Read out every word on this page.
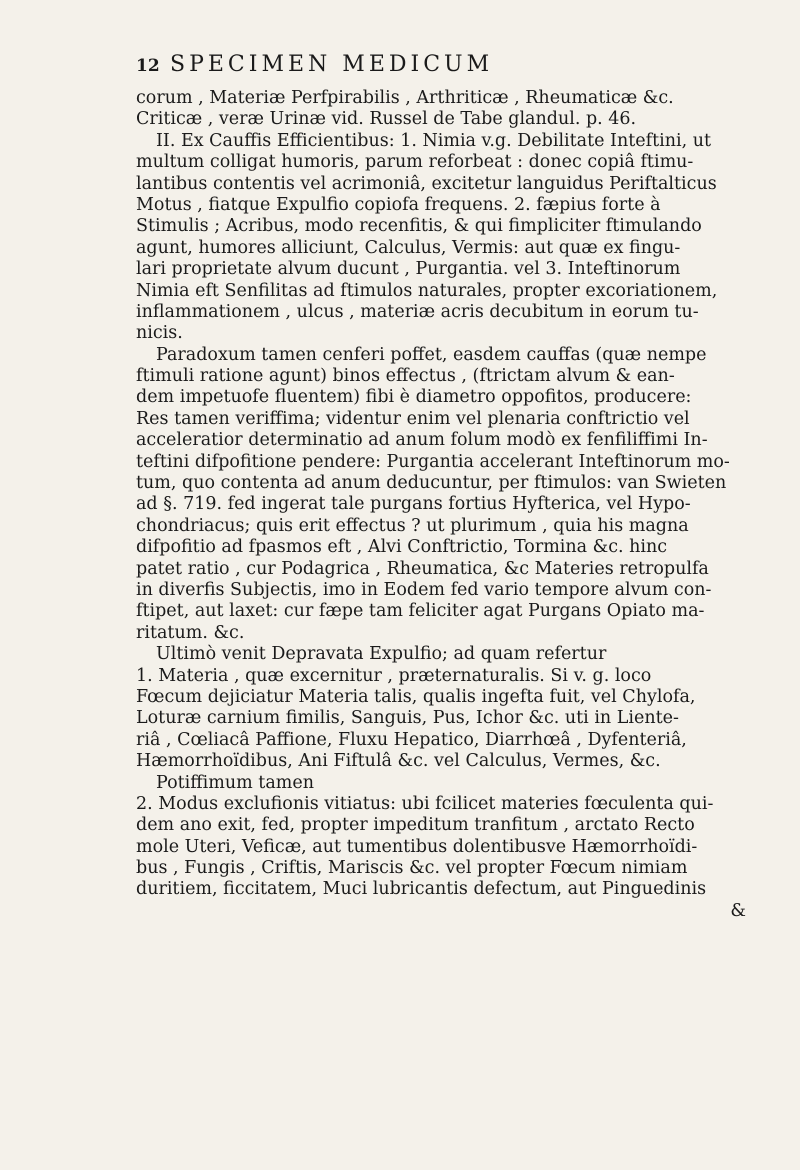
12 SPECIMEN MEDICUM
corum , Materiæ Perfpirabilis , Arthriticæ , Rheumaticæ &c.
Criticæ , veræ Urinæ vid. Russel de Tabe glandul. p. 46.
II. Ex Cauffis Efficientibus: 1. Nimia v.g. Debilitate Inteftini, ut
multum colligat humoris, parum reforbeat : donec copiâ ftimu-
lantibus contentis vel acrimoniâ, excitetur languidus Periftalticus
Motus , fiatque Expulfio copiofa frequens. 2. fæpius forte à
Stimulis ; Acribus, modo recenfitis, & qui fimpliciter ftimulando
agunt, humores alliciunt, Calculus, Vermis: aut quæ ex fingu-
lari proprietate alvum ducunt , Purgantia. vel 3. Inteftinorum
Nimia eft Senfilitas ad ftimulos naturales, propter excoriationem,
inflammationem , ulcus , materiæ acris decubitum in eorum tu-
nicis.
Paradoxum tamen cenferi poffet, easdem cauffas (quæ nempe
ftimuli ratione agunt) binos effectus , (ftrictam alvum & ean-
dem impetuofe fluentem) fibi è diametro oppofitos, producere:
Res tamen veriffima; videntur enim vel plenaria conftrictio vel
acceleratior determinatio ad anum folum modò ex fenfiliffimi In-
teftini difpofitione pendere: Purgantia accelerant Inteftinorum mo-
tum, quo contenta ad anum deducuntur, per ftimulos: van Swieten
ad §. 719. fed ingerat tale purgans fortius Hyfterica, vel Hypo-
chondriacus; quis erit effectus ? ut plurimum , quia his magna
difpofitio ad fpasmos eft , Alvi Conftrictio, Tormina &c. hinc
patet ratio , cur Podagrica , Rheumatica, &c Materies retropulfa
in diverfis Subjectis, imo in Eodem fed vario tempore alvum con-
ftipet, aut laxet: cur fæpe tam feliciter agat Purgans Opiato ma-
ritatum. &c.
Ultimò venit Depravata Expulfio; ad quam refertur
1. Materia , quæ excernitur , præternaturalis. Si v. g. loco
Fœcum dejiciatur Materia talis, qualis ingefta fuit, vel Chylofa,
Loturæ carnium fimilis, Sanguis, Pus, Ichor &c. uti in Liente-
riâ , Cœliacâ Paffione, Fluxu Hepatico, Diarrhœâ , Dyfenteriâ,
Hæmorrhoïdibus, Ani Fiftulâ &c. vel Calculus, Vermes, &c.
Potiffimum tamen
2. Modus exclufionis vitiatus: ubi fcilicet materies fœculenta qui-
dem ano exit, fed, propter impeditum tranfitum , arctato Recto
mole Uteri, Veficæ, aut tumentibus dolentibusve Hæmorrhoïdi-
bus , Fungis , Criftis, Mariscis &c. vel propter Fœcum nimiam
duritiem, ficcitatem, Muci lubricantis defectum, aut Pinguedinis
&
